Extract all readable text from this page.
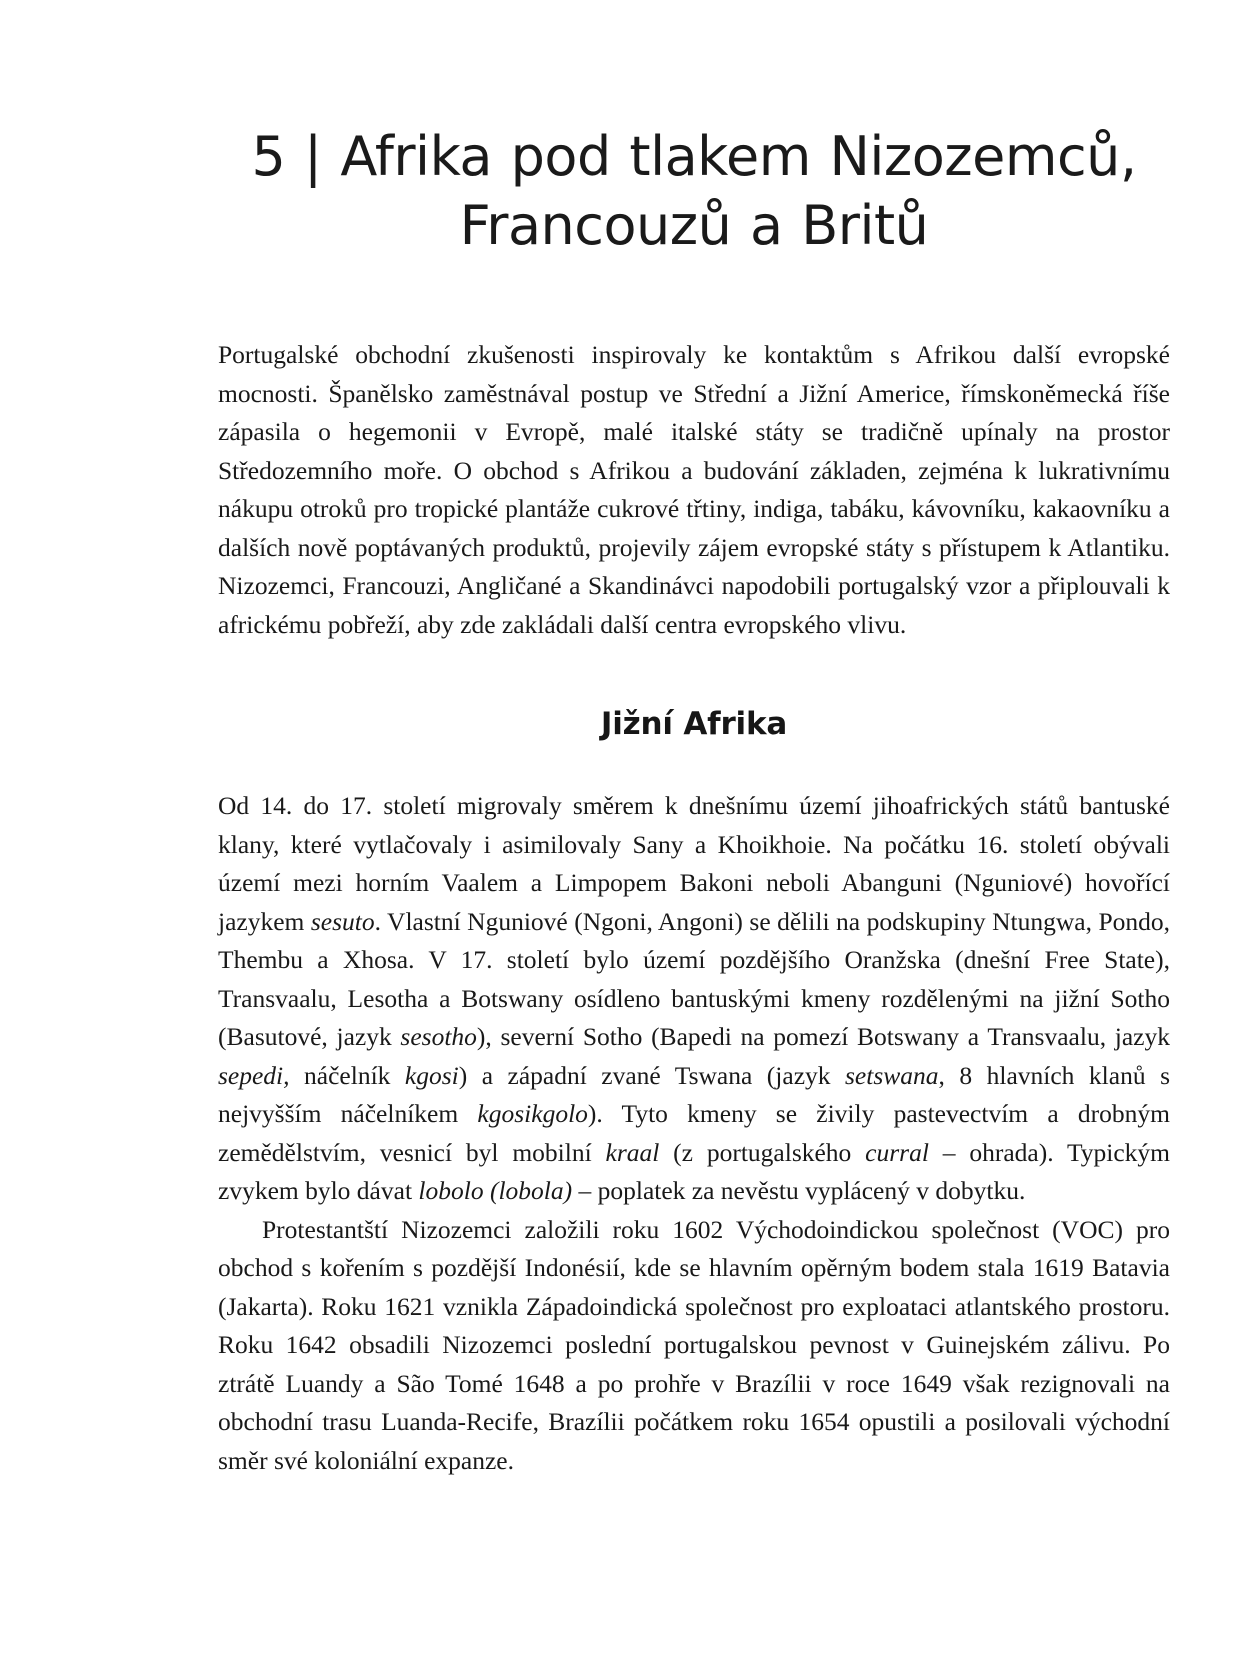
5 | Afrika pod tlakem Nizozemců,
Francouzů a Britů

Portugalské obchodní zkušenosti inspirovaly ke kontaktům s Afrikou další evropské mocnosti. Španělsko zaměstnával postup ve Střední a Jižní Americe, římskoněmecká říše zápasila o hegemonii v Evropě, malé italské státy se tradičně upínaly na prostor Středozemního moře. O obchod s Afrikou a budování základen, zejména k lukrativnímu nákupu otroků pro tropické plantáže cukrové třtiny, indiga, tabáku, kávovníku, kakaovníku a dalších nově poptávaných produktů, projevily zájem evropské státy s přístupem k Atlantiku. Nizozemci, Francouzi, Angličané a Skandinávci napodobili portugalský vzor a připlouvali k africkému pobřeží, aby zde zakládali další centra evropského vlivu.

Jižní Afrika

Od 14. do 17. století migrovaly směrem k dnešnímu území jihoafrických států bantuské klany, které vytlačovaly i asimilovaly Sany a Khoikhoie. Na počátku 16. století obývali území mezi horním Vaalem a Limpopem Bakoni neboli Abanguni (Nguniové) hovořící jazykem sesuto. Vlastní Nguniové (Ngoni, Angoni) se dělili na podskupiny Ntungwa, Pondo, Thembu a Xhosa. V 17. století bylo území pozdějšího Oranžska (dnešní Free State), Transvaalu, Lesotha a Botswany osídleno bantuskými kmeny rozdělenými na jižní Sotho (Basutové, jazyk sesotho), severní Sotho (Bapedi na pomezí Botswany a Transvaalu, jazyk sepedi, náčelník kgosi) a západní zvané Tswana (jazyk setswana, 8 hlavních klanů s nejvyšším náčelníkem kgosikgolo). Tyto kmeny se živily pastevectvím a drobným zemědělstvím, vesnicí byl mobilní kraal (z portugalského curral – ohrada). Typickým zvykem bylo dávat lobolo (lobola) – poplatek za nevěstu vyplácený v dobytku.

Protestantští Nizozemci založili roku 1602 Východoindickou společnost (VOC) pro obchod s kořením s pozdější Indonésií, kde se hlavním opěrným bodem stala 1619 Batavia (Jakarta). Roku 1621 vznikla Západoindická společnost pro exploataci atlantského prostoru. Roku 1642 obsadili Nizozemci poslední portugalskou pevnost v Guinejském zálivu. Po ztrátě Luandy a São Tomé 1648 a po prohře v Brazílii v roce 1649 však rezignovali na obchodní trasu Luanda-Recife, Brazílii počátkem roku 1654 opustili a posilovali východní směr své koloniální expanze.
